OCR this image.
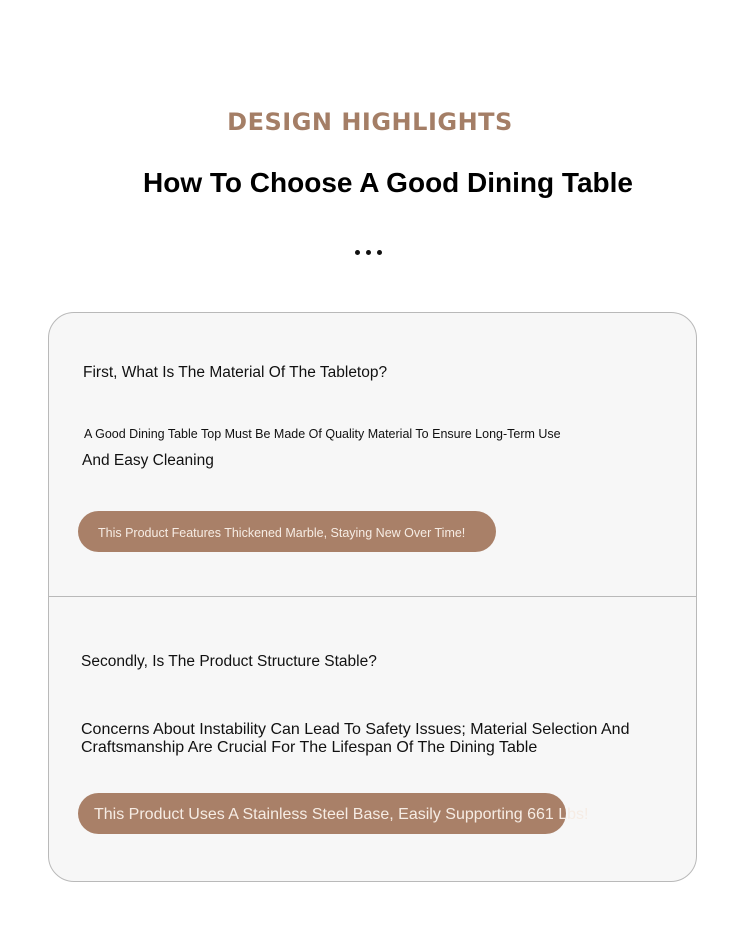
DESIGN HIGHLIGHTS
How To Choose A Good Dining Table
First, What Is The Material Of The Tabletop?
A Good Dining Table Top Must Be Made Of Quality Material To Ensure Long-Term Use
And Easy Cleaning
This Product Features Thickened Marble, Staying New Over Time!
Secondly, Is The Product Structure Stable?
Concerns About Instability Can Lead To Safety Issues; Material Selection And Craftsmanship Are Crucial For The Lifespan Of The Dining Table
This Product Uses A Stainless Steel Base, Easily Supporting 661 Lbs!
